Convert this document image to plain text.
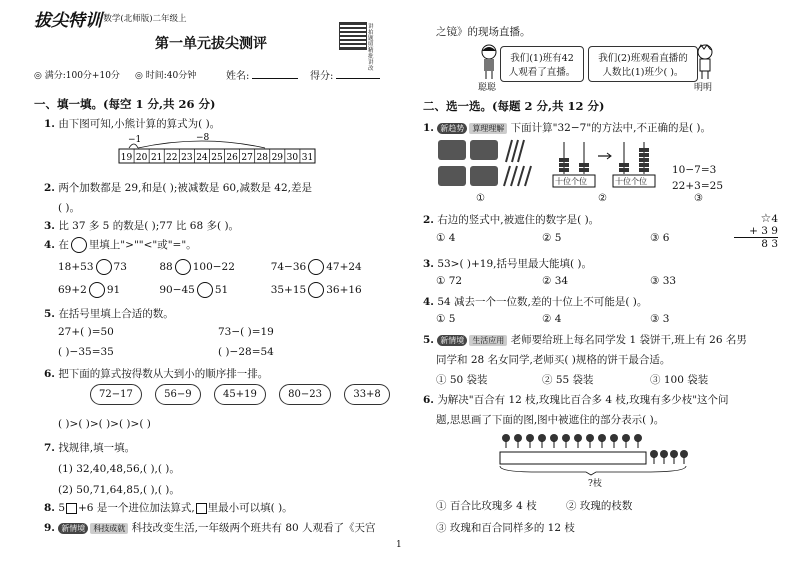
拔尖特训
· 数学(北师版)二年级上
讲 拍 题 照 精 批 讲 改
第一单元拔尖测评
◎ 满分:100分+10分 ◎ 时间:40分钟	姓名:	得分:
一、填一填。(每空 1 分,共 26 分)
1. 由下图可知,小熊计算的算式为( )。
−1	−8
19 20 21 22 23 24 25 26 27 28 29 30 31
2. 两个加数都是 29,和是( );被减数是 60,减数是 42,差是
( )。
3. 比 37 多 5 的数是( );77 比 68 多( )。
4. 在 里填上">""<"或"="。
18+53 73	88 100−22	74−36 47+24
69+2 91	90−45 51	35+15 36+16
5. 在括号里填上合适的数。
27+( )=50	73−( )=19
( )−35=35	( )−28=54
6. 把下面的算式按得数从大到小的顺序排一排。
72−17	56−9	45+19	80−23	33+8
( )>( )>( )>( )>( )
7. 找规律,填一填。
(1) 32,40,48,56,( ),( )。
(2) 50,71,64,85,( ),( )。
8. 5 +6 是一个进位加法算式, 里最小可以填( )。
9. 新情境 科技成就 科技改变生活,一年级两个班共有 80 人观看了《天宫
1
之镜》的现场直播。
我们(1)班有42人观看了直播。
我们(2)班观看直播的人数比(1)班少( )。
聪聪	明明
二、选一选。(每题 2 分,共 12 分)
1. 新趋势 算理理解 下面计算"32−7"的方法中,不正确的是( )。
①
十位个位	十位个位
②
10−7=3
22+3=25
③
2. 右边的竖式中,被遮住的数字是( )。
① 4	② 5	③ 6
☆4
+ 3 9
8 3
3. 53>( )+19,括号里最大能填( )。
① 72	② 34	③ 33
4. 54 减去一个一位数,差的十位上不可能是( )。
① 5	② 4	③ 3
5. 新情境 生活应用 老师要给班上每名同学发 1 袋饼干,班上有 26 名男
同学和 28 名女同学,老师买( )规格的饼干最合适。
① 50 袋装	② 55 袋装	③ 100 袋装
6. 为解决"百合有 12 枝,玫瑰比百合多 4 枝,玫瑰有多少枝"这个问
题,思思画了下面的图,图中被遮住的部分表示( )。
?枝
① 百合比玫瑰多 4 枝	② 玫瑰的枝数
③ 玫瑰和百合同样多的 12 枝
